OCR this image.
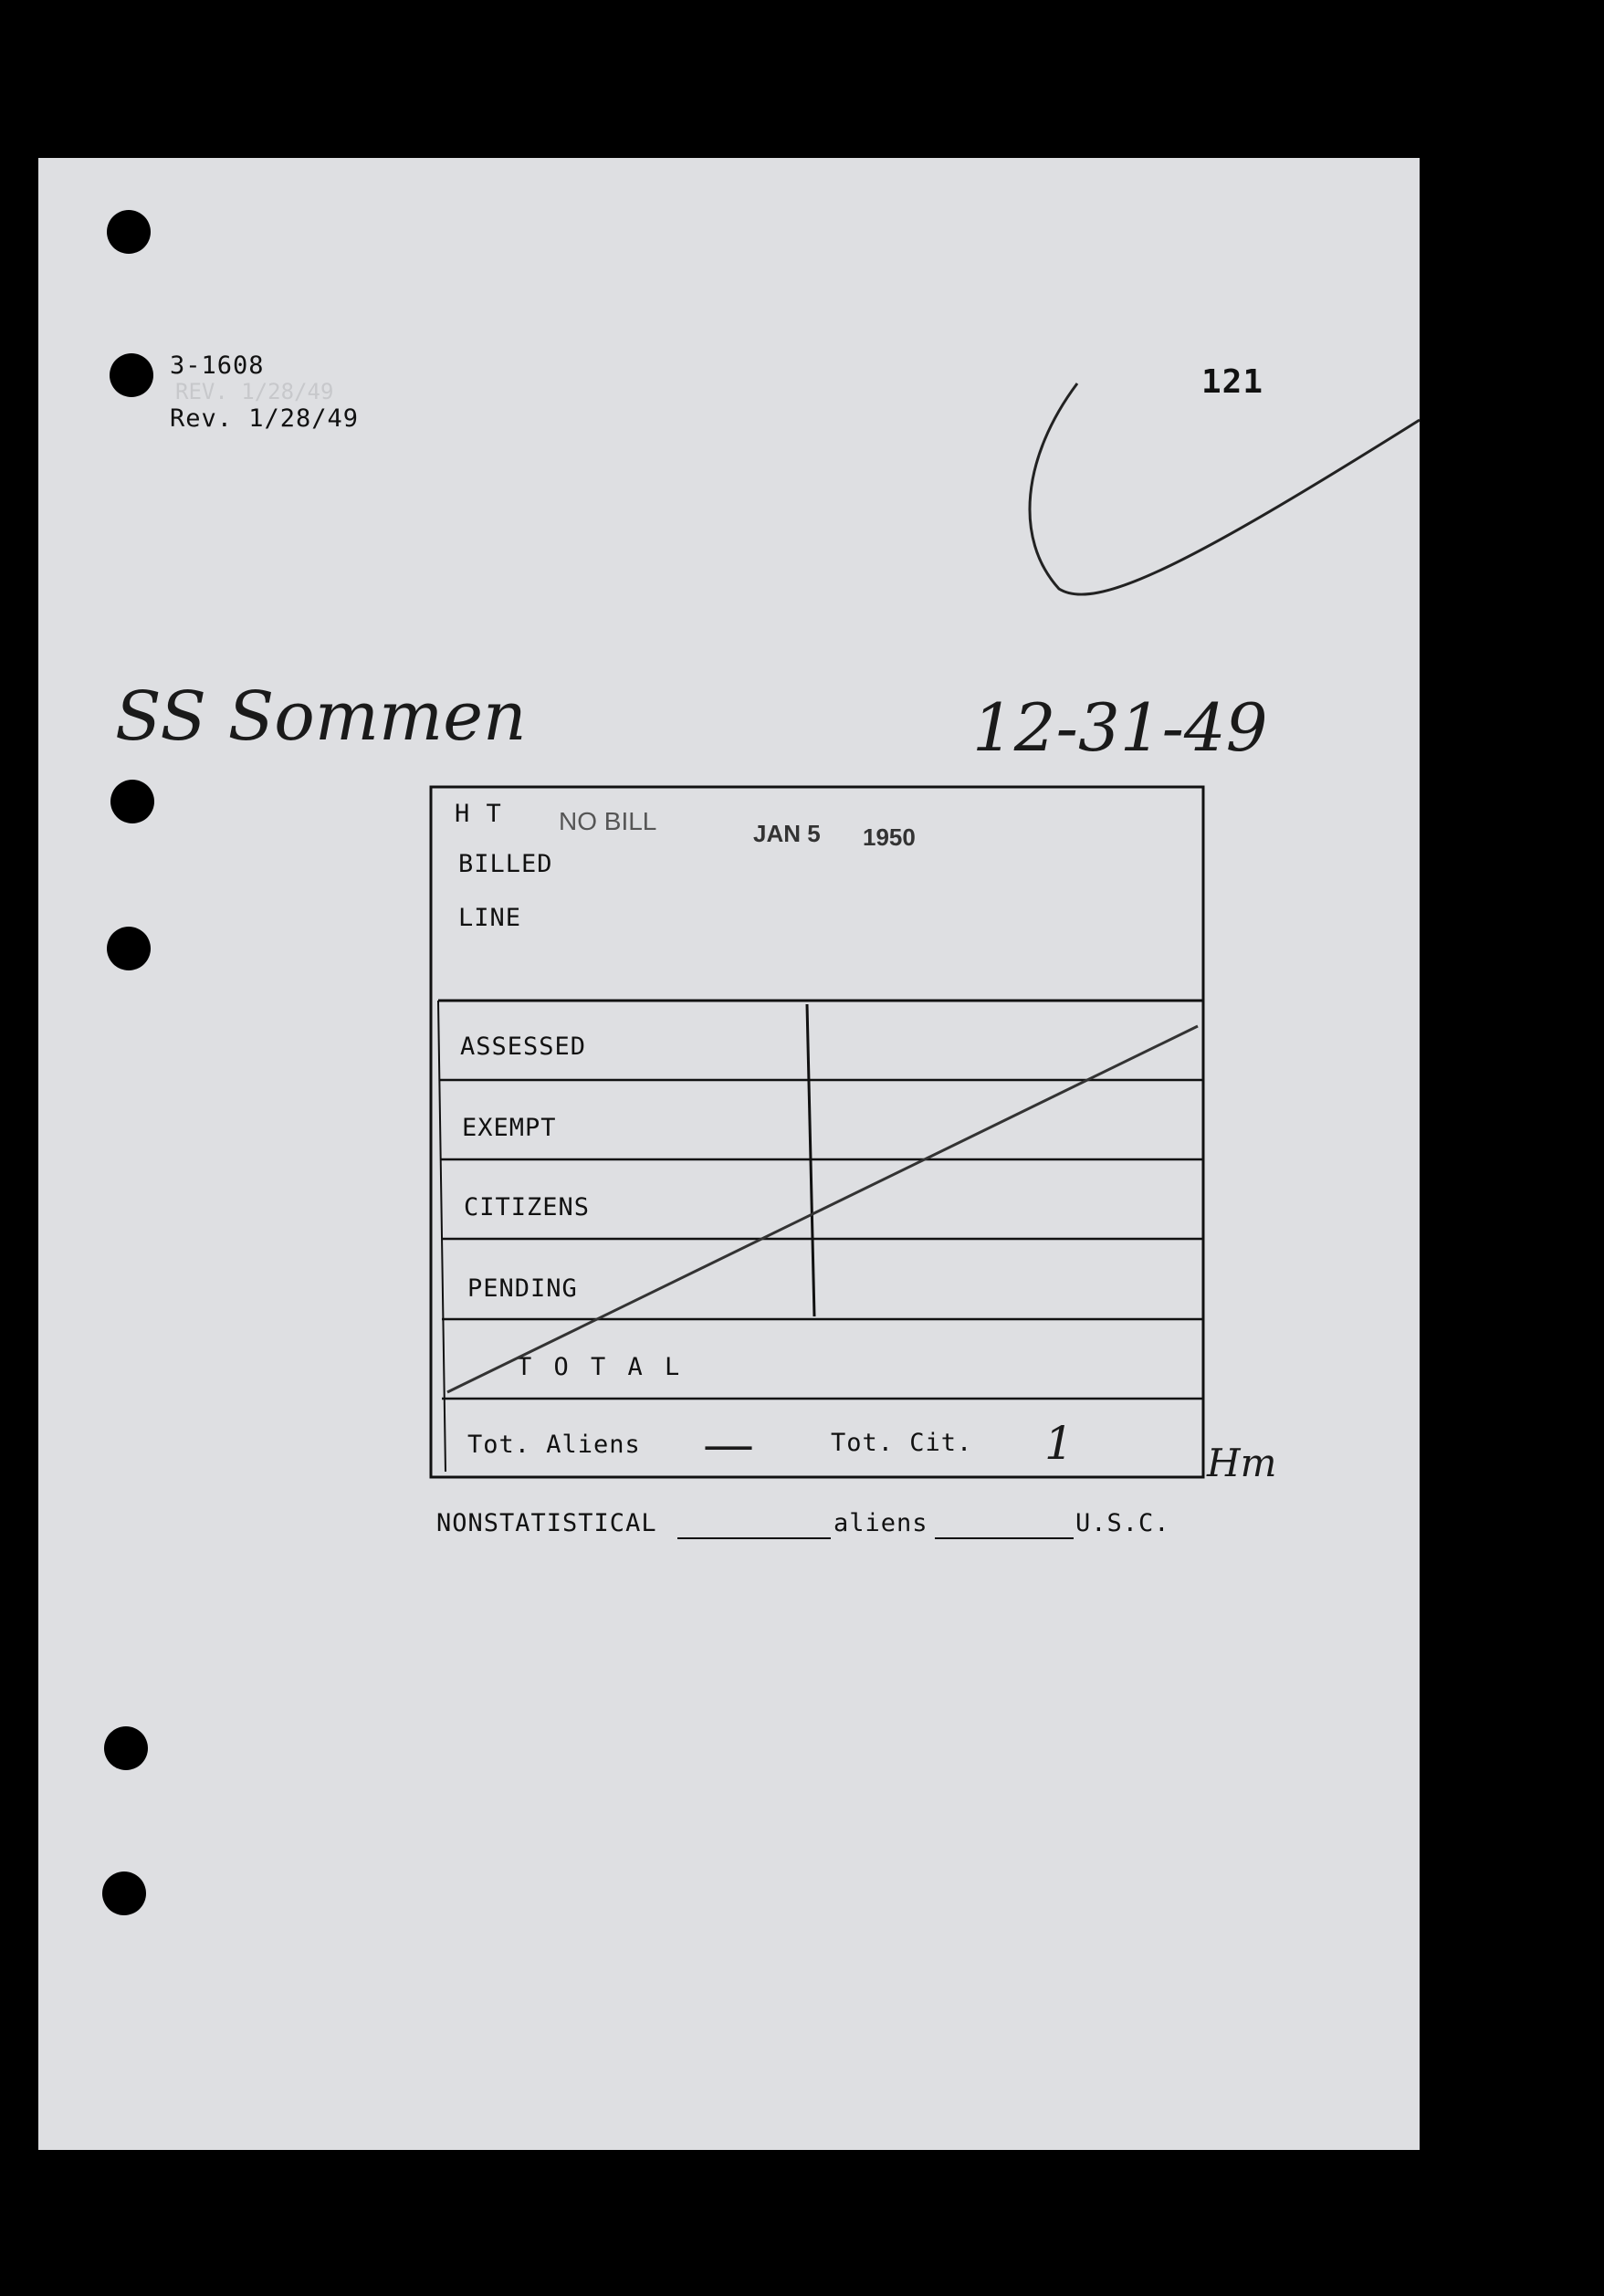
REV. 1/28/49
3-1608
Rev. 1/28/49
121
SS Sommen	12-31-49
NO BILL	JAN 5 1950
H T
BILLED
LINE
ASSESSED
EXEMPT
CITIZENS
PENDING
T O T A L
Tot. Aliens —	Tot. Cit. 1	Hm
NONSTATISTICAL	aliens	U.S.C.
